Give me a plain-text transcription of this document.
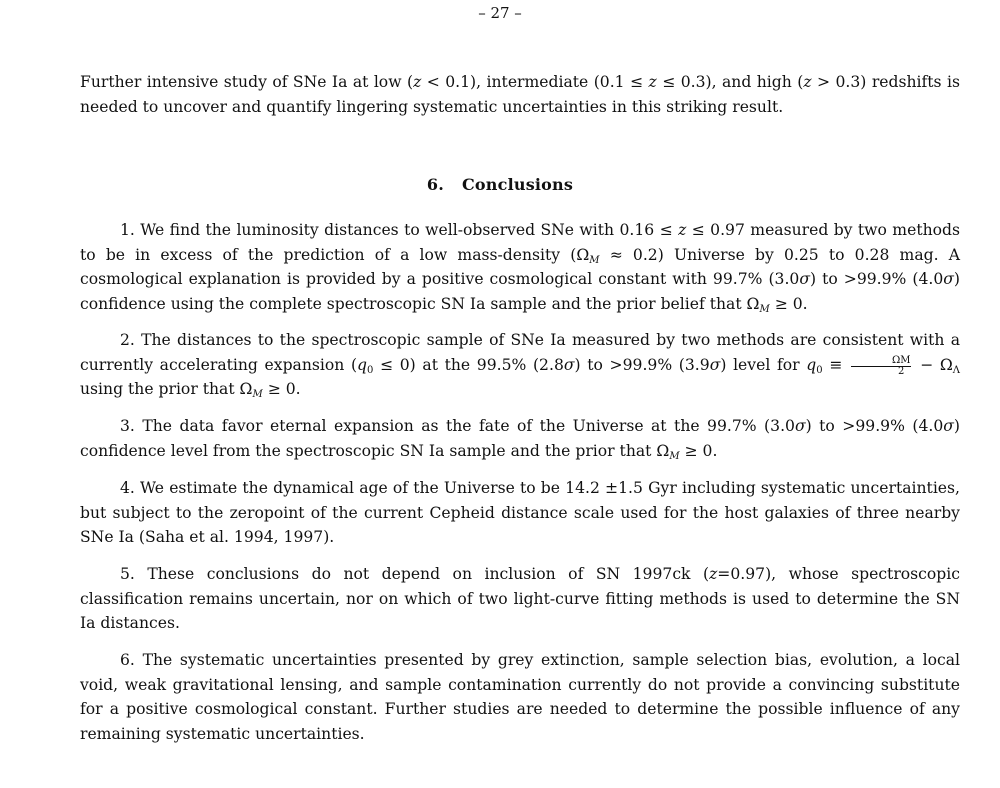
– 27 –

Further intensive study of SNe Ia at low (z < 0.1), intermediate (0.1 ≤ z ≤ 0.3), and high (z > 0.3) redshifts is needed to uncover and quantify lingering systematic uncertainties in this striking result.

6. Conclusions

1. We find the luminosity distances to well-observed SNe with 0.16 ≤ z ≤ 0.97 measured by two methods to be in excess of the prediction of a low mass-density $(\Omega_M \approx 0.2)$ Universe by 0.25 to 0.28 mag. A cosmological explanation is provided by a positive cosmological constant with 99.7% (3.0σ) to >99.9% (4.0σ) confidence using the complete spectroscopic SN Ia sample and the prior belief that $\Omega_M \ge 0$.

2. The distances to the spectroscopic sample of SNe Ia measured by two methods are consistent with a currently accelerating expansion $(q_0 \le 0)$ at the 99.5% (2.8σ) to >99.9% (3.9σ) level for $q_0 \equiv \frac{\Omega M}{2} - \Omega_\Lambda$ using the prior that $\Omega_M \ge 0$.

3. The data favor eternal expansion as the fate of the Universe at the 99.7% (3.0σ) to >99.9% (4.0σ) confidence level from the spectroscopic SN Ia sample and the prior that $\Omega_M \ge 0$.

4. We estimate the dynamical age of the Universe to be 14.2 ±1.5 Gyr including systematic uncertainties, but subject to the zeropoint of the current Cepheid distance scale used for the host galaxies of three nearby SNe Ia (Saha et al. 1994, 1997).

5. These conclusions do not depend on inclusion of SN 1997ck (z=0.97), whose spectroscopic classification remains uncertain, nor on which of two light-curve fitting methods is used to determine the SN Ia distances.

6. The systematic uncertainties presented by grey extinction, sample selection bias, evolution, a local void, weak gravitational lensing, and sample contamination currently do not provide a convincing substitute for a positive cosmological constant. Further studies are needed to determine the possible influence of any remaining systematic uncertainties.
